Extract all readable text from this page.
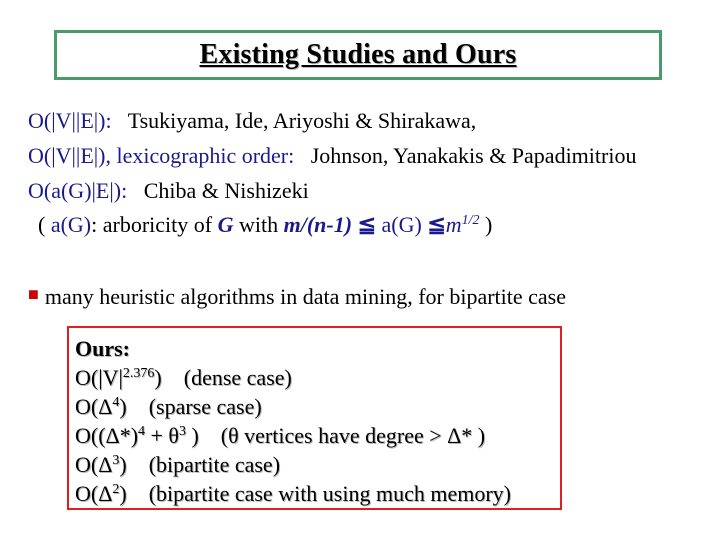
Existing Studies and Ours
O(|V||E|): Tsukiyama, Ide, Ariyoshi & Shirakawa,
O(|V||E|), lexicographic order: Johnson, Yanakakis & Papadimitriou
O(a(G)|E|): Chiba & Nishizeki
( a(G): arboricity of G with m/(n-1) ≦ a(G) $≦m^{1/2}$ )
■ many heuristic algorithms in data mining, for bipartite case
Ours:
$O(|V|^{2.376})$ (dense case)
$O(\Delta^4)$ (sparse case)
$O((\Delta*)^4 + \theta^3$ ) (θ vertices have degree > Δ* )
$O(\Delta^3)$ (bipartite case)
$O(\Delta^2)$ (bipartite case with using much memory)
